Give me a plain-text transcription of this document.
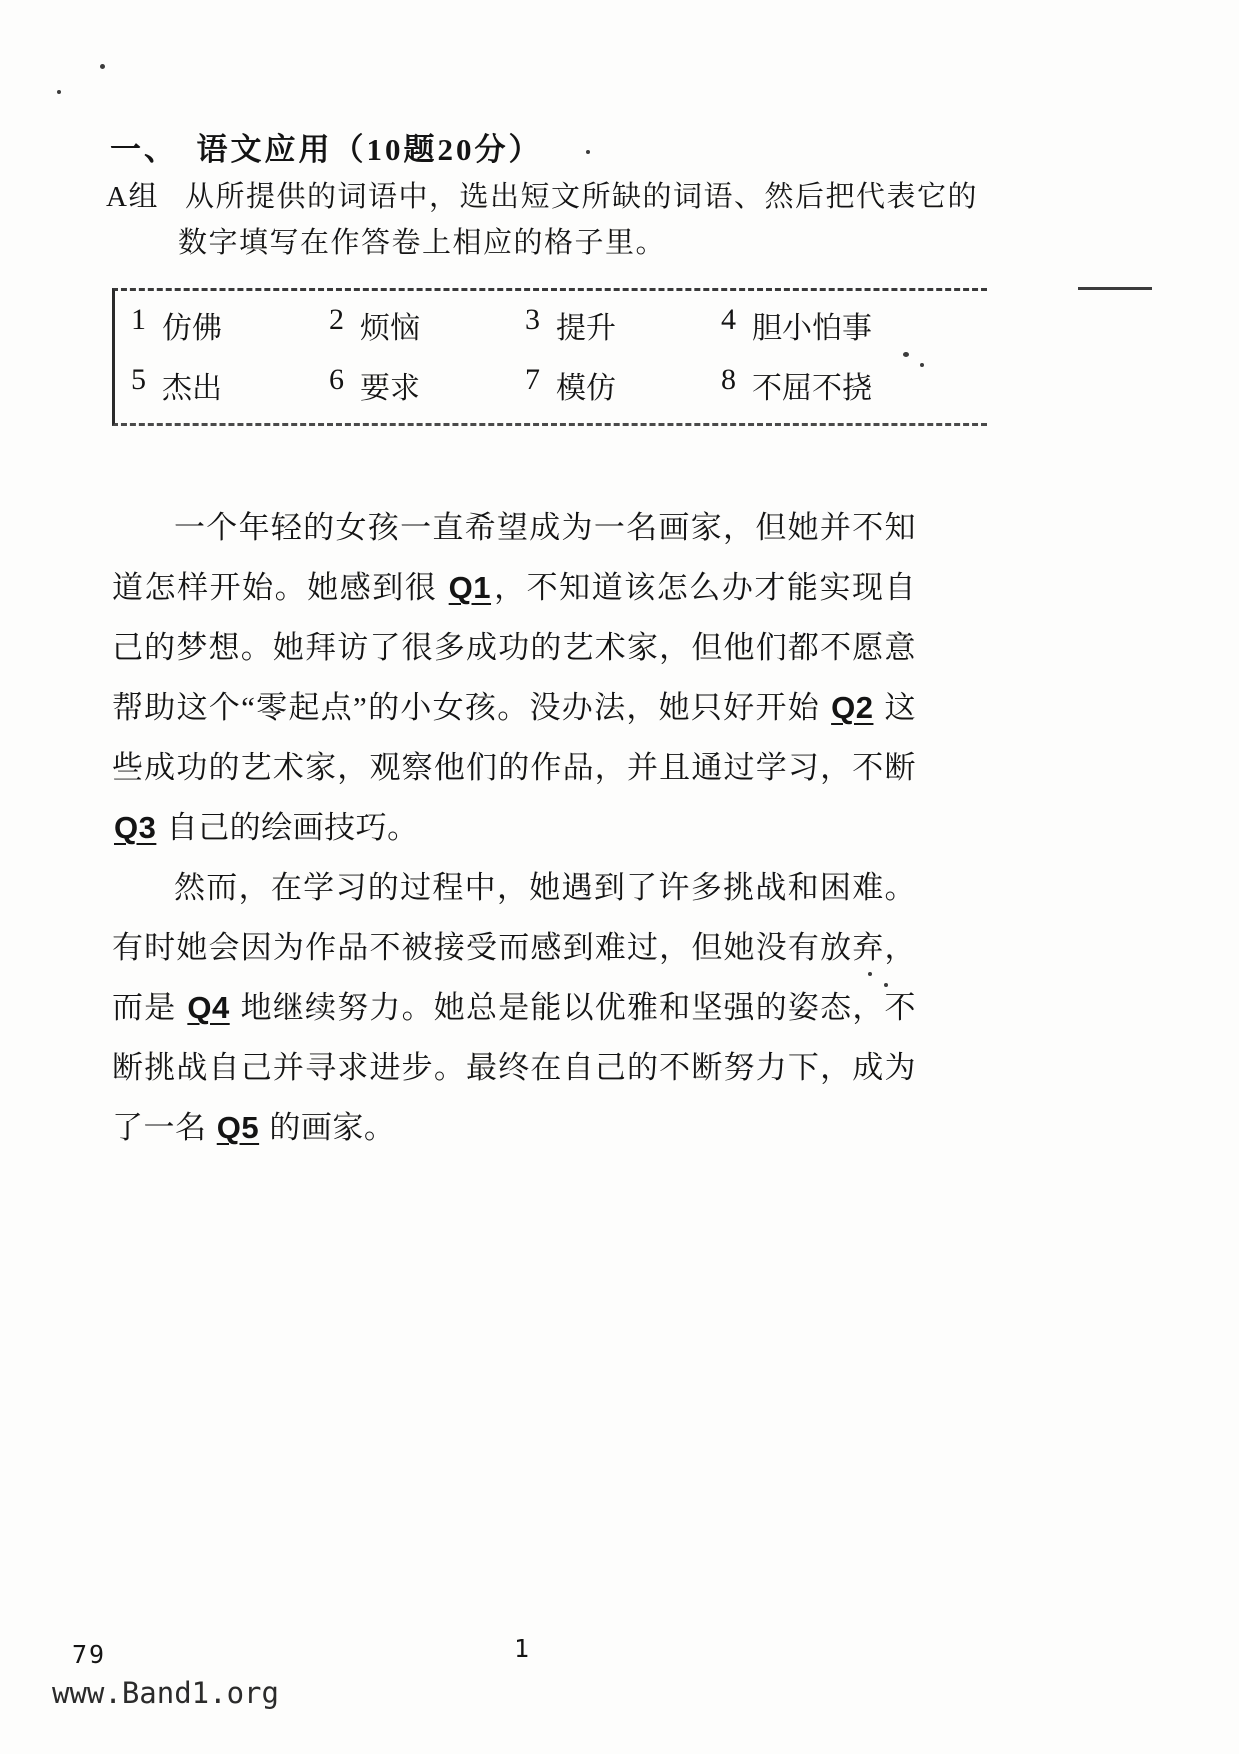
一、　语文应用（10题20分）
A组 从所提供的词语中，选出短文所缺的词语、然后把代表它的
数字填写在作答卷上相应的格子里。
1 仿佛	2 烦恼	3 提升	4 胆小怕事
5 杰出	6 要求	7 模仿	8 不屈不挠

一个年轻的女孩一直希望成为一名画家，但她并不知道怎样开始。她感到很 Q1，不知道该怎么办才能实现自己的梦想。她拜访了很多成功的艺术家，但他们都不愿意帮助这个“零起点”的小女孩。没办法，她只好开始 Q2 这些成功的艺术家，观察他们的作品，并且通过学习，不断 Q3 自己的绘画技巧。

然而，在学习的过程中，她遇到了许多挑战和困难。有时她会因为作品不被接受而感到难过，但她没有放弃，而是 Q4 地继续努力。她总是能以优雅和坚强的姿态，不断挑战自己并寻求进步。最终在自己的不断努力下，成为了一名 Q5 的画家。

79	1
www.Band1.org
